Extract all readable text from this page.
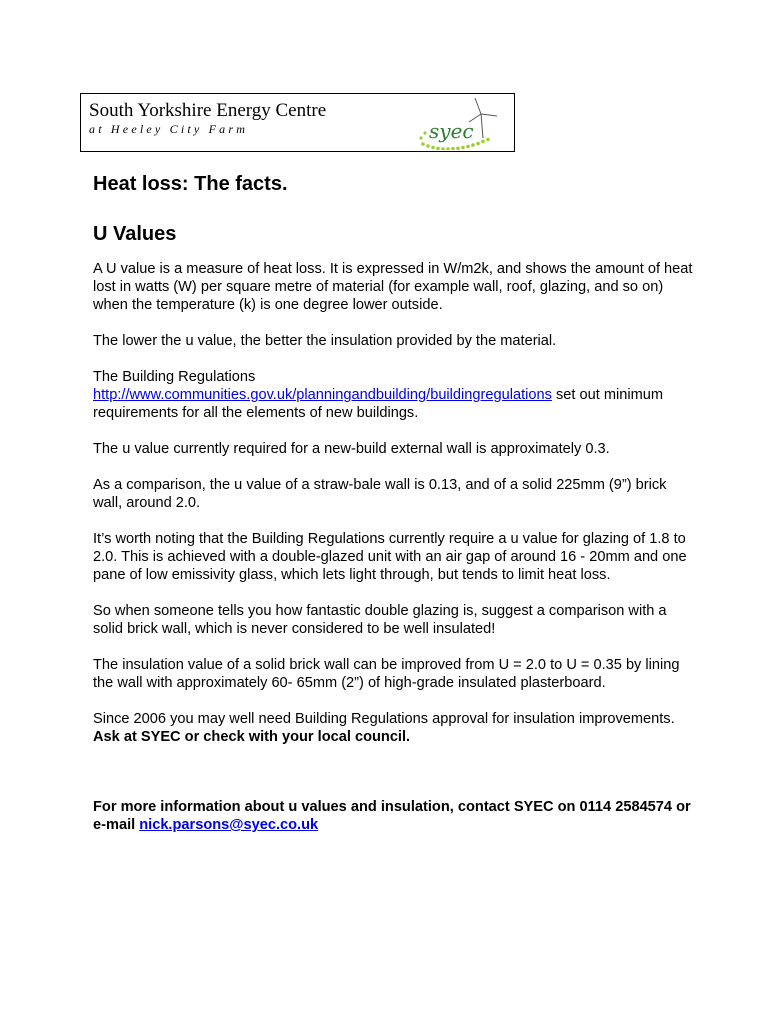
South Yorkshire Energy Centre
at Heeley City Farm	syec
Heat loss: The facts.
U Values

A U value is a measure of heat loss. It is expressed in W/m2k, and shows the amount of heat lost in watts (W) per square metre of material (for example wall, roof, glazing, and so on) when the temperature (k) is one degree lower outside.

The lower the u value, the better the insulation provided by the material.

The Building Regulations
http://www.communities.gov.uk/planningandbuilding/buildingregulations set out minimum requirements for all the elements of new buildings.

The u value currently required for a new-build external wall is approximately 0.3.

As a comparison, the u value of a straw-bale wall is 0.13, and of a solid 225mm (9”) brick wall, around 2.0.

It’s worth noting that the Building Regulations currently require a u value for glazing of 1.8 to 2.0. This is achieved with a double-glazed unit with an air gap of around 16 - 20mm and one pane of low emissivity glass, which lets light through, but tends to limit heat loss.

So when someone tells you how fantastic double glazing is, suggest a comparison with a solid brick wall, which is never considered to be well insulated!

The insulation value of a solid brick wall can be improved from U = 2.0 to U = 0.35 by lining the wall with approximately 60- 65mm (2”) of high-grade insulated plasterboard.

Since 2006 you may well need Building Regulations approval for insulation improvements. Ask at SYEC or check with your local council.

For more information about u values and insulation, contact SYEC on 0114 2584574 or e-mail nick.parsons@syec.co.uk
